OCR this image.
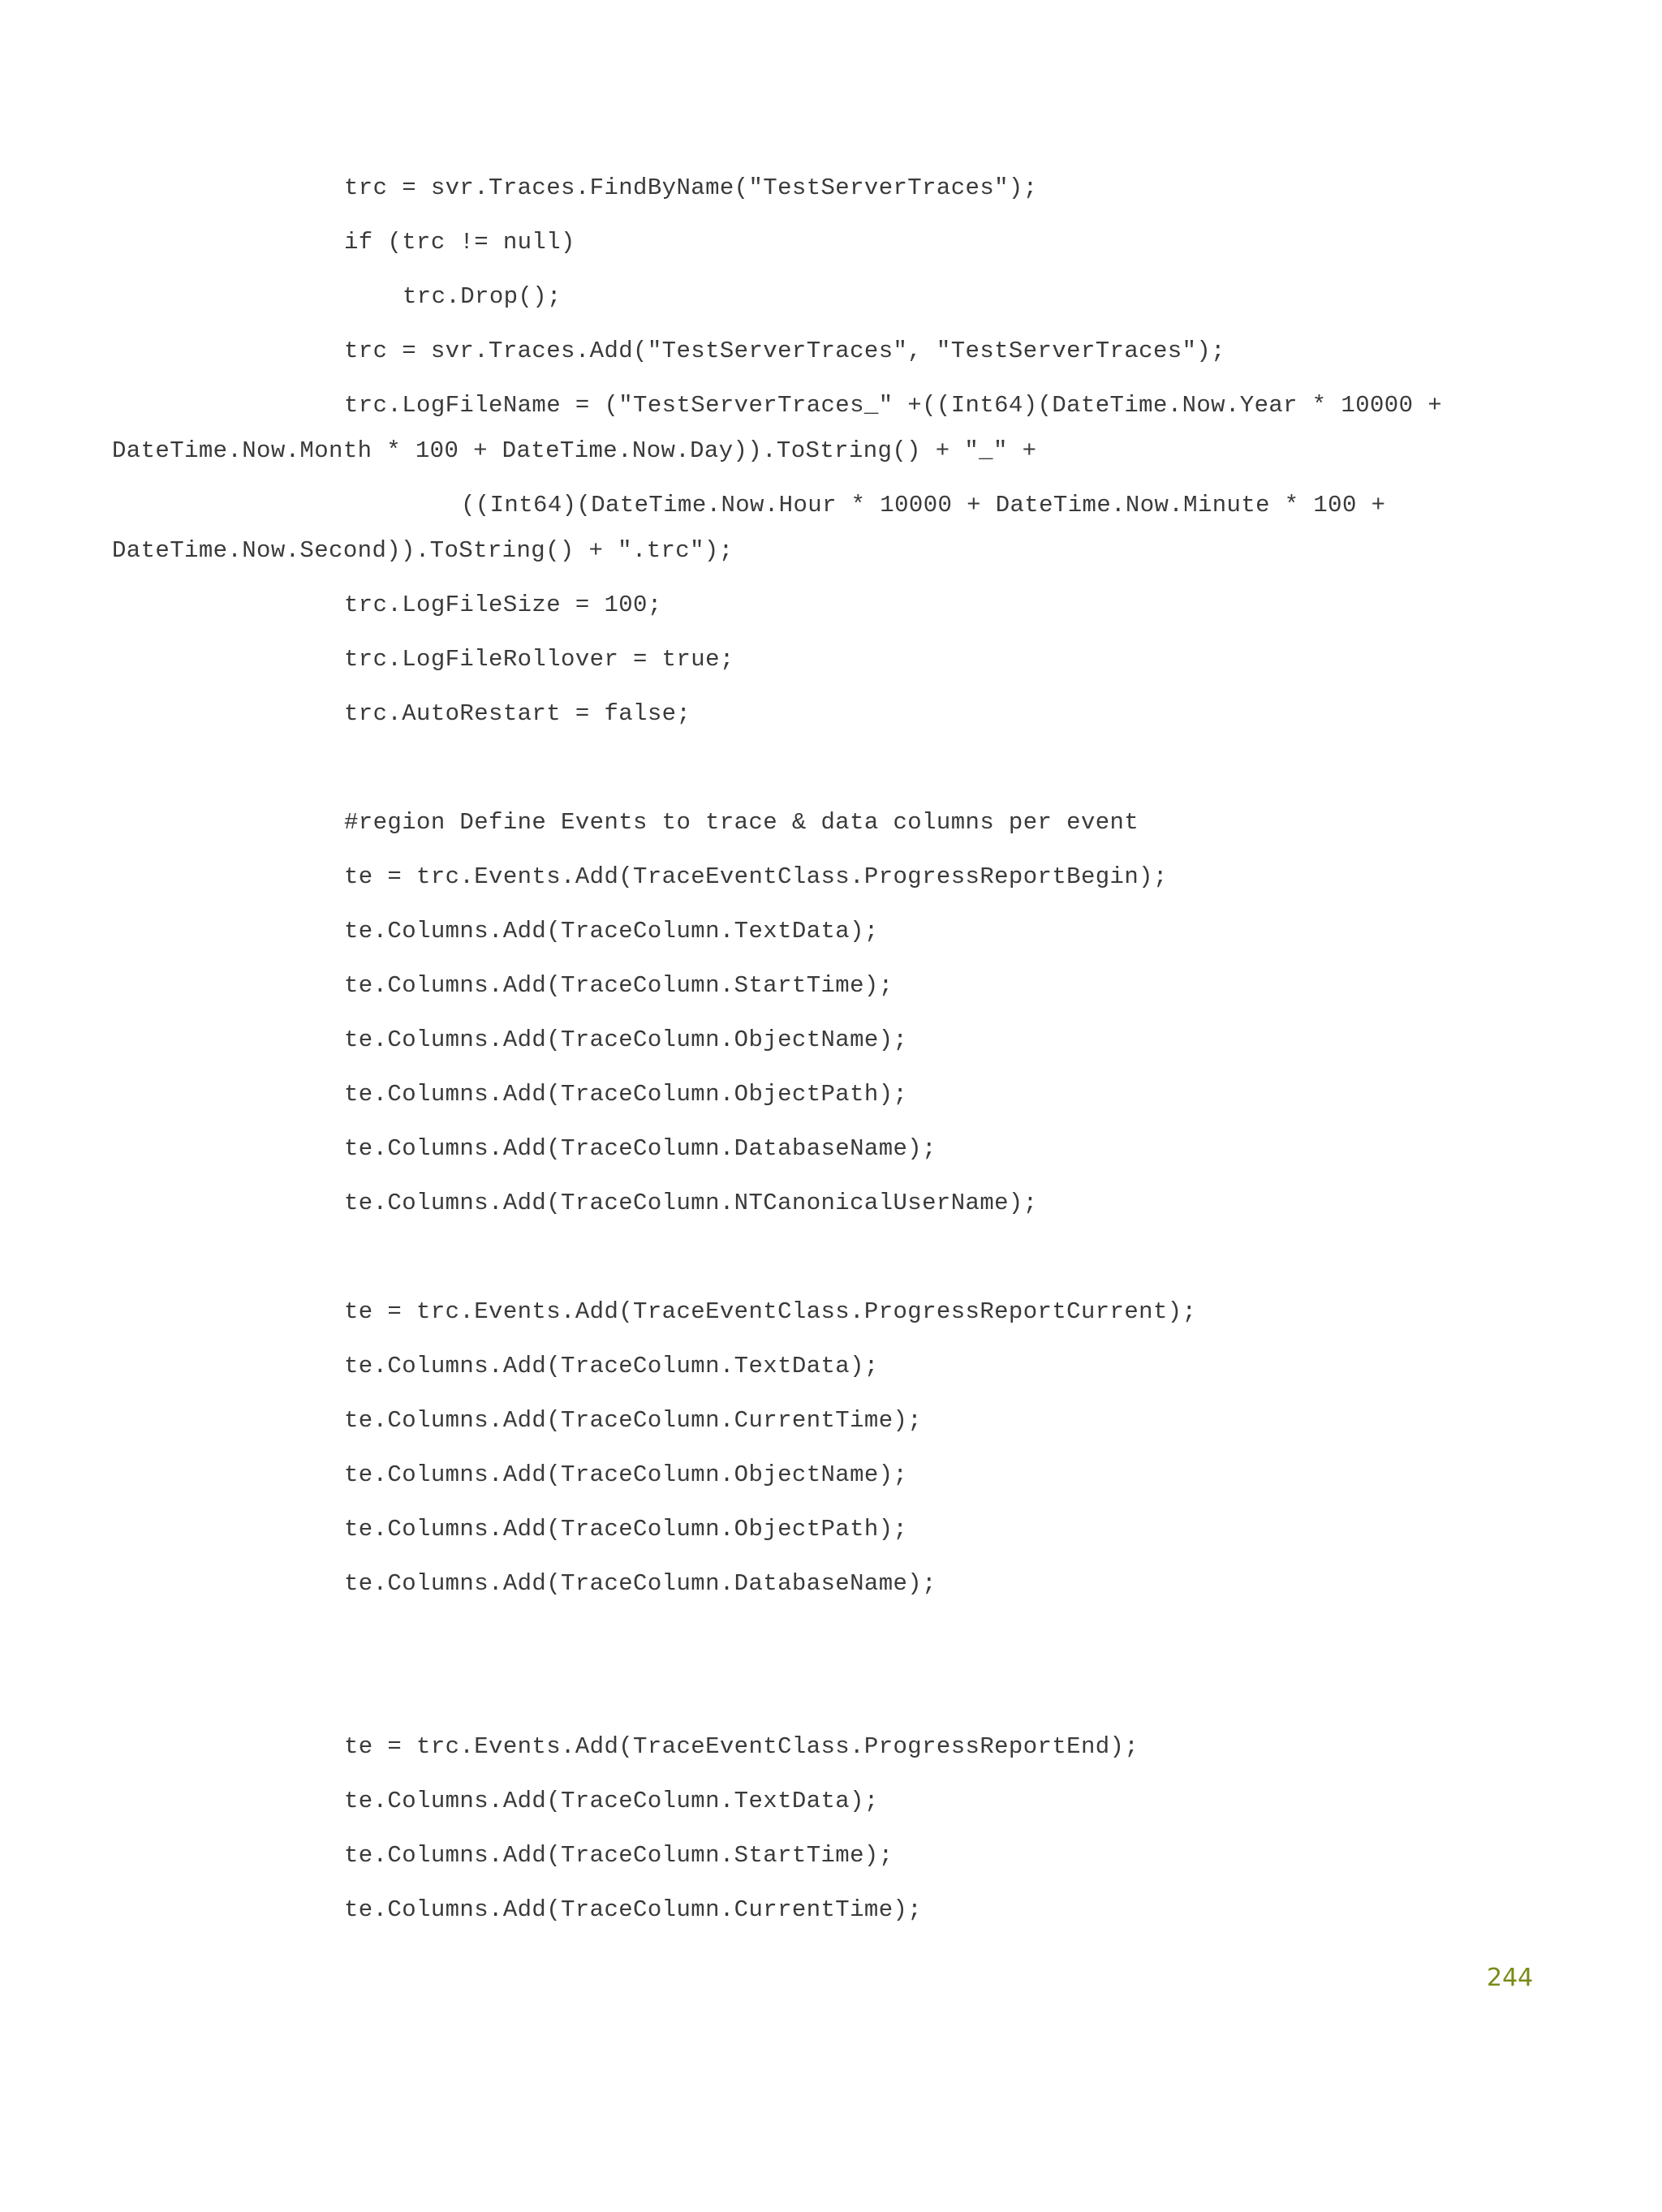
trc = svr.Traces.FindByName("TestServerTraces");
if (trc != null)
trc.Drop();
trc = svr.Traces.Add("TestServerTraces", "TestServerTraces");
trc.LogFileName = ("TestServerTraces_" +((Int64)(DateTime.Now.Year * 10000 +
DateTime.Now.Month * 100 + DateTime.Now.Day)).ToString() + "_" +
((Int64)(DateTime.Now.Hour * 10000 + DateTime.Now.Minute * 100 +
DateTime.Now.Second)).ToString() + ".trc");
trc.LogFileSize = 100;
trc.LogFileRollover = true;
trc.AutoRestart = false;
#region Define Events to trace & data columns per event
te = trc.Events.Add(TraceEventClass.ProgressReportBegin);
te.Columns.Add(TraceColumn.TextData);
te.Columns.Add(TraceColumn.StartTime);
te.Columns.Add(TraceColumn.ObjectName);
te.Columns.Add(TraceColumn.ObjectPath);
te.Columns.Add(TraceColumn.DatabaseName);
te.Columns.Add(TraceColumn.NTCanonicalUserName);
te = trc.Events.Add(TraceEventClass.ProgressReportCurrent);
te.Columns.Add(TraceColumn.TextData);
te.Columns.Add(TraceColumn.CurrentTime);
te.Columns.Add(TraceColumn.ObjectName);
te.Columns.Add(TraceColumn.ObjectPath);
te.Columns.Add(TraceColumn.DatabaseName);
te = trc.Events.Add(TraceEventClass.ProgressReportEnd);
te.Columns.Add(TraceColumn.TextData);
te.Columns.Add(TraceColumn.StartTime);
te.Columns.Add(TraceColumn.CurrentTime);
244
